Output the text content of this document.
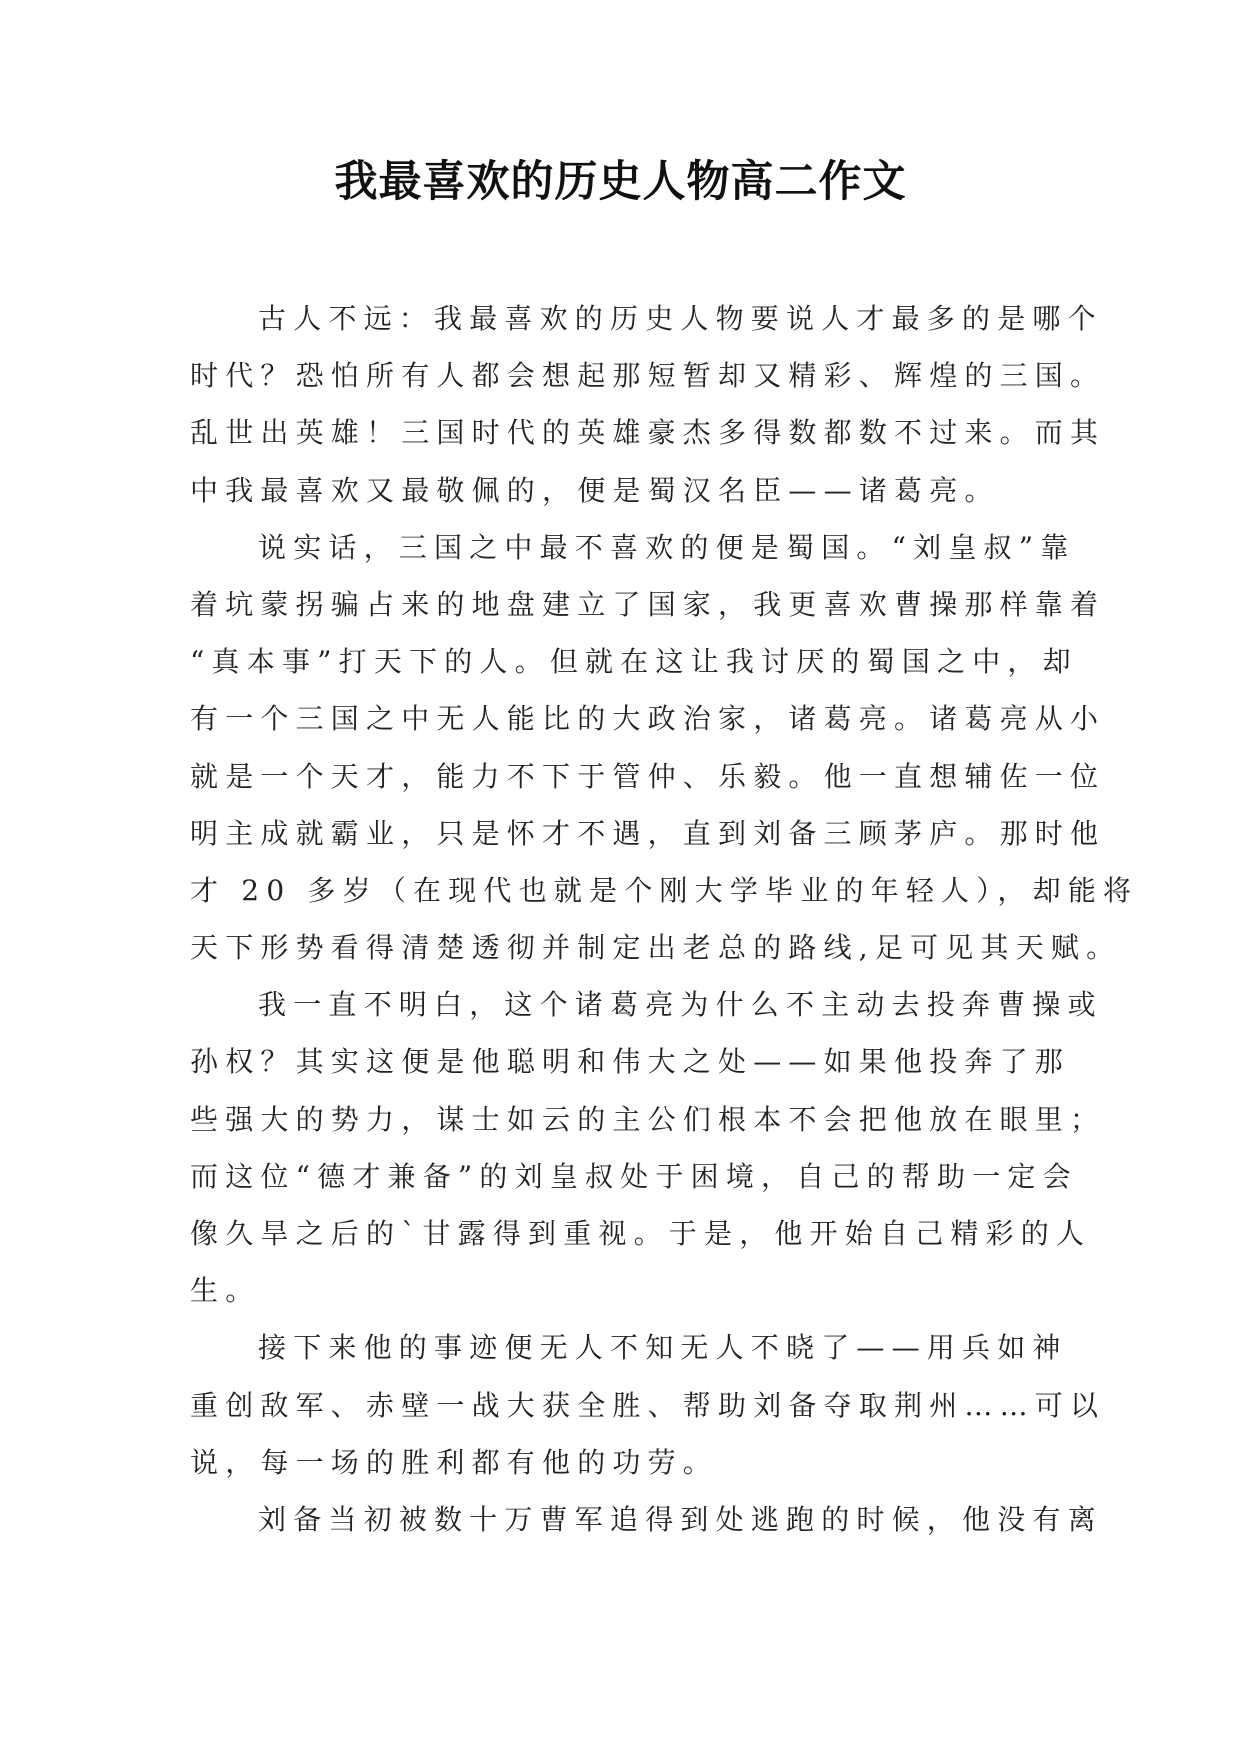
我最喜欢的历史人物高二作文
古人不远：我最喜欢的历史人物要说人才最多的是哪个
时代？恐怕所有人都会想起那短暂却又精彩、辉煌的三国。
乱世出英雄！三国时代的英雄豪杰多得数都数不过来。而其
中我最喜欢又最敬佩的，便是蜀汉名臣——诸葛亮。
说实话，三国之中最不喜欢的便是蜀国。“刘皇叔”靠
着坑蒙拐骗占来的地盘建立了国家，我更喜欢曹操那样靠着
“真本事”打天下的人。但就在这让我讨厌的蜀国之中，却
有一个三国之中无人能比的大政治家，诸葛亮。诸葛亮从小
就是一个天才，能力不下于管仲、乐毅。他一直想辅佐一位
明主成就霸业，只是怀才不遇，直到刘备三顾茅庐。那时他
才 20 多岁（在现代也就是个刚大学毕业的年轻人），却能将
天下形势看得清楚透彻并制定出老总的路线,足可见其天赋。
我一直不明白，这个诸葛亮为什么不主动去投奔曹操或
孙权？其实这便是他聪明和伟大之处——如果他投奔了那
些强大的势力，谋士如云的主公们根本不会把他放在眼里；
而这位“德才兼备”的刘皇叔处于困境，自己的帮助一定会
像久旱之后的`甘露得到重视。于是，他开始自己精彩的人
生。
接下来他的事迹便无人不知无人不晓了——用兵如神
重创敌军、赤壁一战大获全胜、帮助刘备夺取荆州……可以
说，每一场的胜利都有他的功劳。
刘备当初被数十万曹军追得到处逃跑的时候，他没有离
